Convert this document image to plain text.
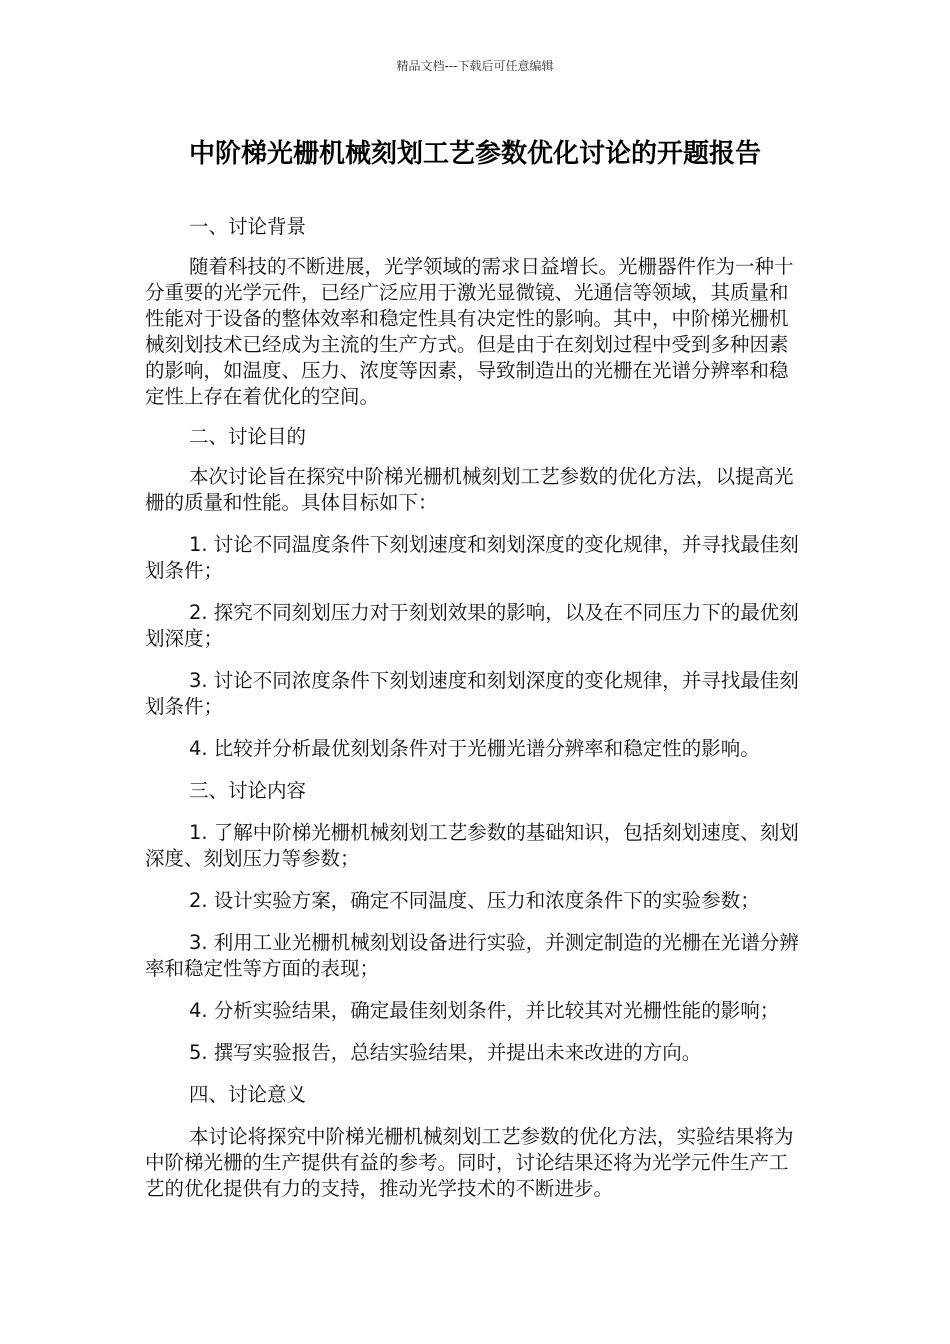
精品文档---下载后可任意编辑
中阶梯光栅机械刻划工艺参数优化讨论的开题报告

一、讨论背景

随着科技的不断进展，光学领域的需求日益增长。光栅器件作为一种十分重要的光学元件，已经广泛应用于激光显微镜、光通信等领域，其质量和性能对于设备的整体效率和稳定性具有决定性的影响。其中，中阶梯光栅机械刻划技术已经成为主流的生产方式。但是由于在刻划过程中受到多种因素的影响，如温度、压力、浓度等因素，导致制造出的光栅在光谱分辨率和稳定性上存在着优化的空间。

二、讨论目的

本次讨论旨在探究中阶梯光栅机械刻划工艺参数的优化方法，以提高光栅的质量和性能。具体目标如下：

1. 讨论不同温度条件下刻划速度和刻划深度的变化规律，并寻找最佳刻划条件；

2. 探究不同刻划压力对于刻划效果的影响，以及在不同压力下的最优刻划深度；

3. 讨论不同浓度条件下刻划速度和刻划深度的变化规律，并寻找最佳刻划条件；

4. 比较并分析最优刻划条件对于光栅光谱分辨率和稳定性的影响。

三、讨论内容

1. 了解中阶梯光栅机械刻划工艺参数的基础知识，包括刻划速度、刻划深度、刻划压力等参数；

2. 设计实验方案，确定不同温度、压力和浓度条件下的实验参数；

3. 利用工业光栅机械刻划设备进行实验，并测定制造的光栅在光谱分辨率和稳定性等方面的表现；

4. 分析实验结果，确定最佳刻划条件，并比较其对光栅性能的影响；

5. 撰写实验报告，总结实验结果，并提出未来改进的方向。

四、讨论意义

本讨论将探究中阶梯光栅机械刻划工艺参数的优化方法，实验结果将为中阶梯光栅的生产提供有益的参考。同时，讨论结果还将为光学元件生产工艺的优化提供有力的支持，推动光学技术的不断进步。
